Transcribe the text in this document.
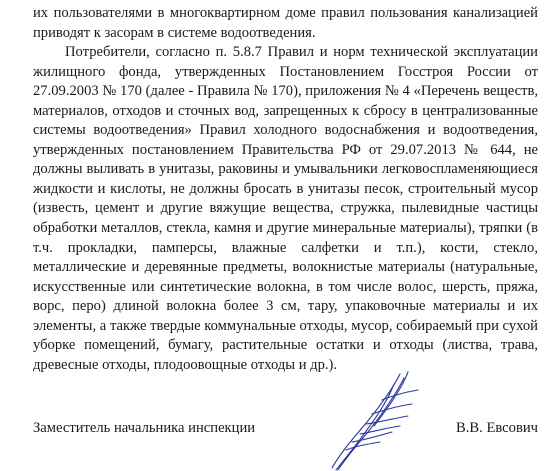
их пользователями в многоквартирном доме правил пользования канализацией приводят к засорам в системе водоотведения.

Потребители, согласно п. 5.8.7 Правил и норм технической эксплуатации жилищного фонда, утвержденных Постановлением Госстроя России от 27.09.2003 № 170 (далее - Правила № 170), приложения № 4 «Перечень веществ, материалов, отходов и сточных вод, запрещенных к сбросу в централизованные системы водоотведения» Правил холодного водоснабжения и водоотведения, утвержденных постановлением Правительства РФ от 29.07.2013 № 644, не должны выливать в унитазы, раковины и умывальники легковоспламеняющиеся жидкости и кислоты, не должны бросать в унитазы песок, строительный мусор (известь, цемент и другие вяжущие вещества, стружка, пылевидные частицы обработки металлов, стекла, камня и другие минеральные материалы), тряпки (в т.ч. прокладки, памперсы, влажные салфетки и т.п.), кости, стекло, металлические и деревянные предметы, волокнистые материалы (натуральные, искусственные или синтетические волокна, в том числе волос, шерсть, пряжа, ворс, перо) длиной волокна более 3 см, тару, упаковочные материалы и их элементы, а также твердые коммунальные отходы, мусор, собираемый при сухой уборке помещений, бумагу, растительные остатки и отходы (листва, трава, древесные отходы, плодоовощные отходы и др.).

Заместитель начальника инспекции	В.В. Евсович
